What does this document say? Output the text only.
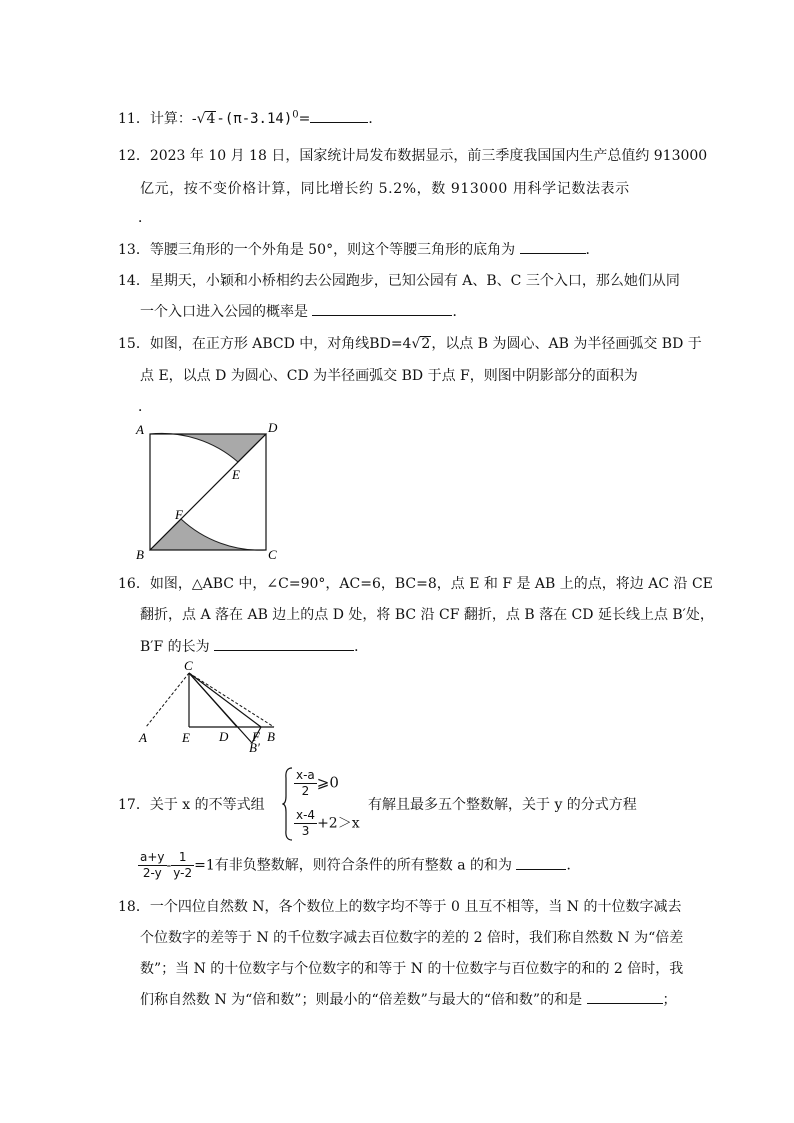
11．计算：$-√4-(\pi-3.14)^0=$	．
12．2023 年 10 月 18 日，国家统计局发布数据显示，前三季度我国国内生产总值约 913000
亿元，按不变价格计算，同比增长约 5.2%，数 913000 用科学记数法表示
．
13．等腰三角形的一个外角是 50°，则这个等腰三角形的底角为	．
14．星期天，小颖和小桥相约去公园跑步，已知公园有 A、B、C 三个入口，那么她们从同
一个入口进入公园的概率是	．
15．如图，在正方形 ABCD 中，对角线BD=4√2，以点 B 为圆心、AB 为半径画弧交 BD 于
点 E，以点 D 为圆心、CD 为半径画弧交 BD 于点 F，则图中阴影部分的面积为
．
A	D
E
F
B	C
16．如图，△ABC 中，∠C=90°，AC=6，BC=8，点 E 和 F 是 AB 上的点，将边 AC 沿 CE
翻折，点 A 落在 AB 边上的点 D 处，将 BC 沿 CF 翻折，点 B 落在 CD 延长线上点 B′处，
B′F 的长为	．
C
A	E D F B
B′
17．关于 x 的不等式组
$\frac{x-a}{2}$ ⩾0
$\frac{x-4}{3} +2>x$
有解且最多五个整数解，关于 y 的分式方程
$\frac{a+y}{2-y} - \frac{1}{y-2} =1$有非负整数解，则符合条件的所有整数 a 的和为	．
18．一个四位自然数 N，各个数位上的数字均不等于 0 且互不相等，当 N 的十位数字减去
个位数字的差等于 N 的千位数字减去百位数字的差的 2 倍时，我们称自然数 N 为“倍差
数”；当 N 的十位数字与个位数字的和等于 N 的十位数字与百位数字的和的 2 倍时，我
们称自然数 N 为“倍和数”；则最小的“倍差数”与最大的“倍和数”的和是	；
